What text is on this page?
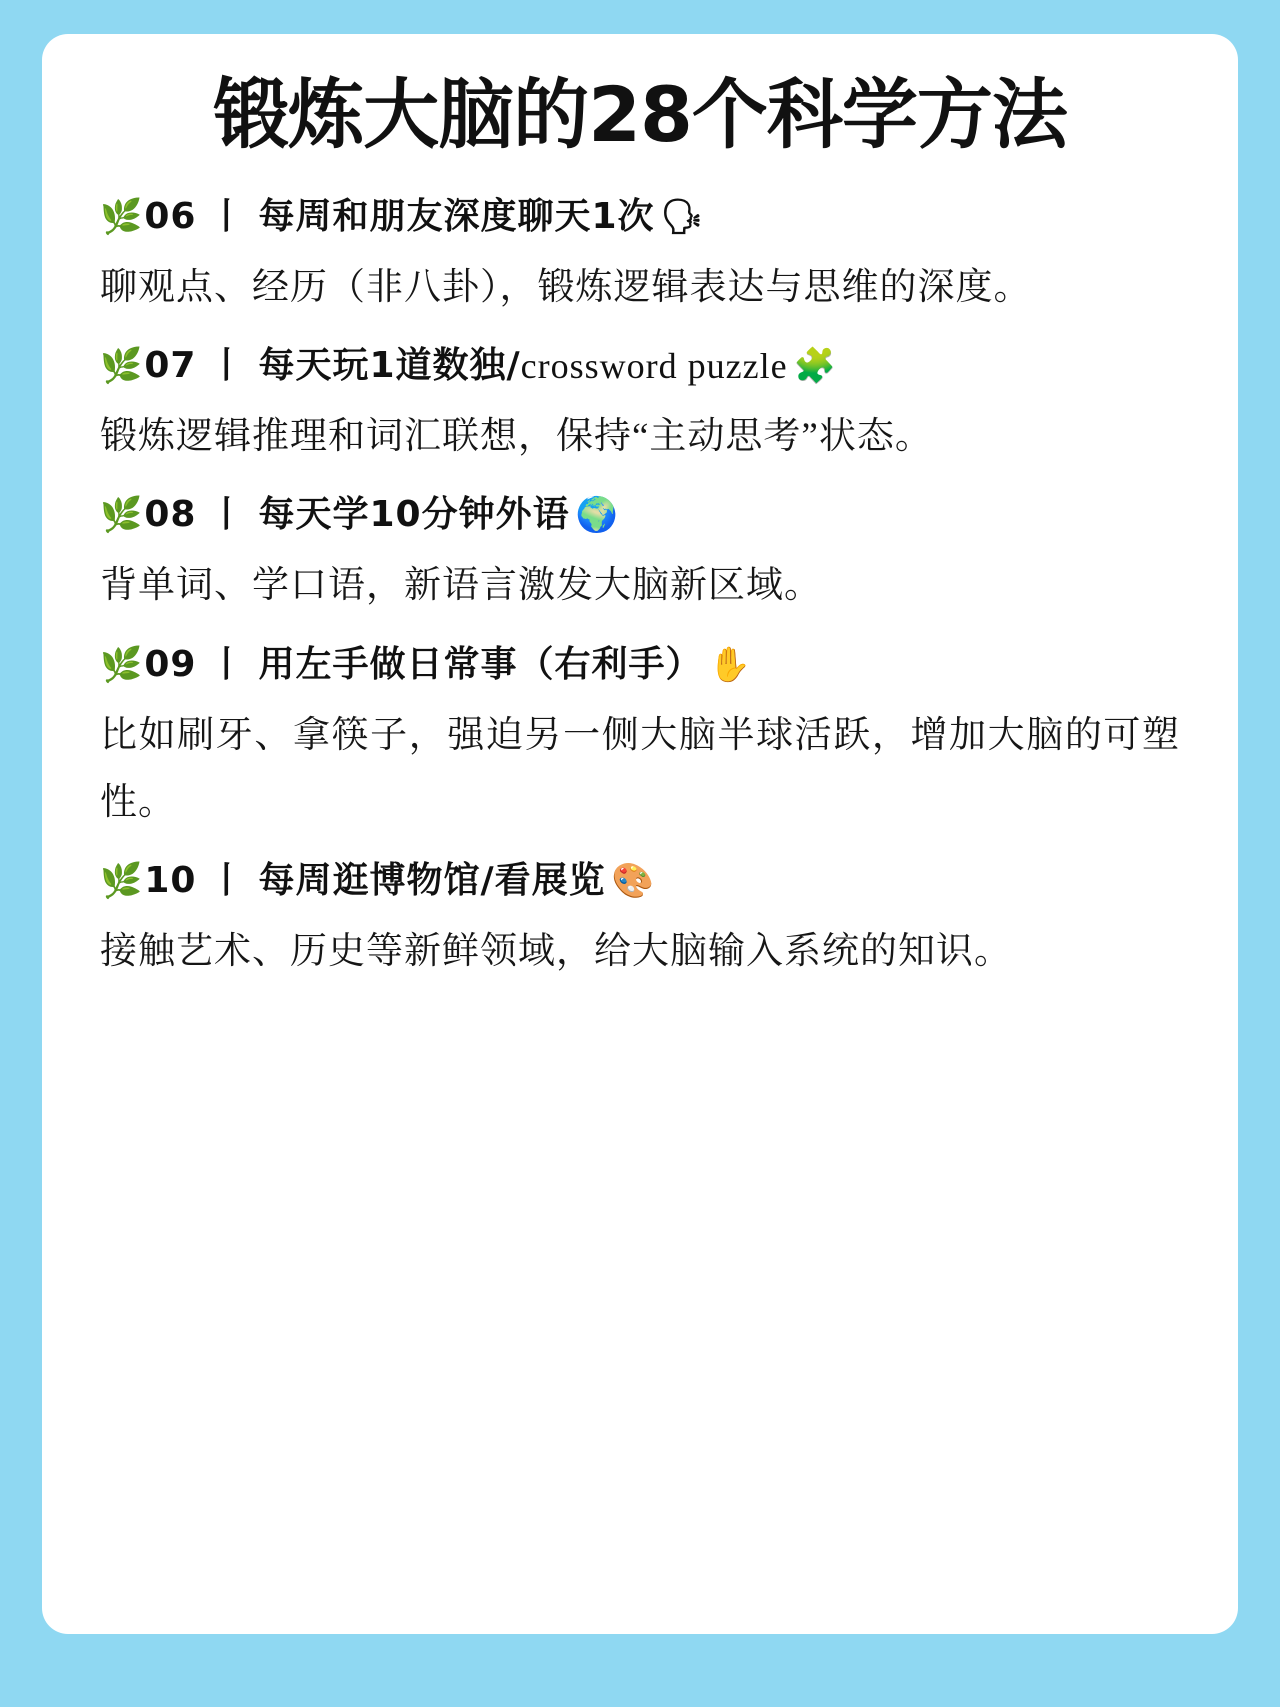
锻炼大脑的28个科学方法
🌿 06 丨 每周和朋友深度聊天1次 🗣

聊观点、经历（非八卦），锻炼逻辑表达与思维的深度。

🌿 07 丨 每天玩1道数独/ crossword puzzle 🧩

锻炼逻辑推理和词汇联想，保持“主动思考”状态。

🌿 08 丨 每天学10分钟外语 🌍

背单词、学口语，新语言激发大脑新区域。

🌿 09 丨 用左手做日常事（右利手） ✋

比如刷牙、拿筷子，强迫另一侧大脑半球活跃，增加大脑的可塑性。

🌿 10 丨 每周逛博物馆/看展览 🎨

接触艺术、历史等新鲜领域，给大脑输入系统的知识。
